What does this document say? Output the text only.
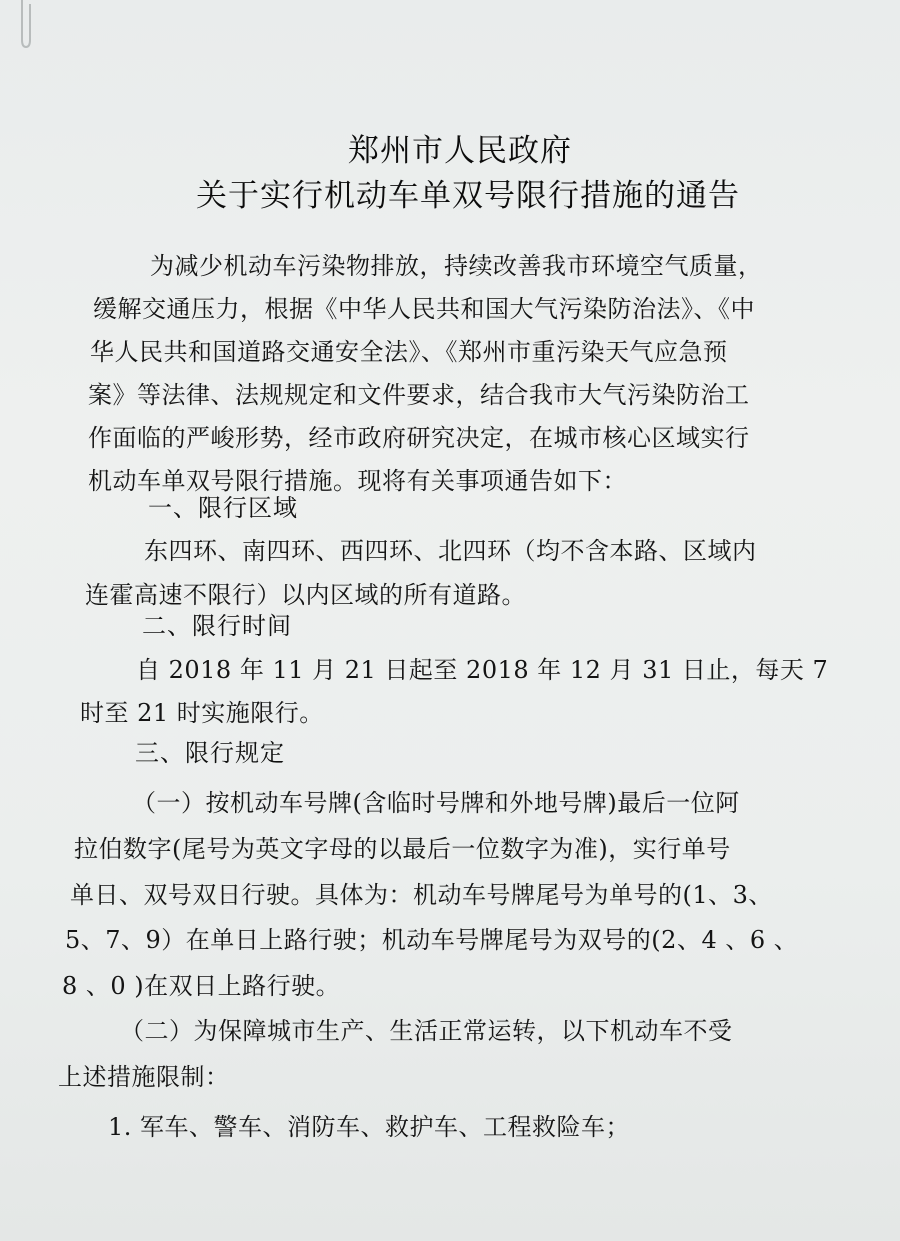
郑州市人民政府
关于实行机动车单双号限行措施的通告
为减少机动车污染物排放，持续改善我市环境空气质量，
缓解交通压力，根据《中华人民共和国大气污染防治法》、《中
华人民共和国道路交通安全法》、《郑州市重污染天气应急预
案》等法律、法规规定和文件要求，结合我市大气污染防治工
作面临的严峻形势，经市政府研究决定，在城市核心区域实行
机动车单双号限行措施。现将有关事项通告如下：
一、限行区域
东四环、南四环、西四环、北四环（均不含本路、区域内
连霍高速不限行）以内区域的所有道路。
二、限行时间
自 2018 年 11 月 21 日起至 2018 年 12 月 31 日止，每天 7
时至 21 时实施限行。
三、限行规定
（一）按机动车号牌(含临时号牌和外地号牌)最后一位阿
拉伯数字(尾号为英文字母的以最后一位数字为准)，实行单号
单日、双号双日行驶。具体为：机动车号牌尾号为单号的(1、3、
5、7、9）在单日上路行驶；机动车号牌尾号为双号的(2、4 、6 、
8 、0 )在双日上路行驶。
（二）为保障城市生产、生活正常运转，以下机动车不受
上述措施限制：
1. 军车、警车、消防车、救护车、工程救险车；
